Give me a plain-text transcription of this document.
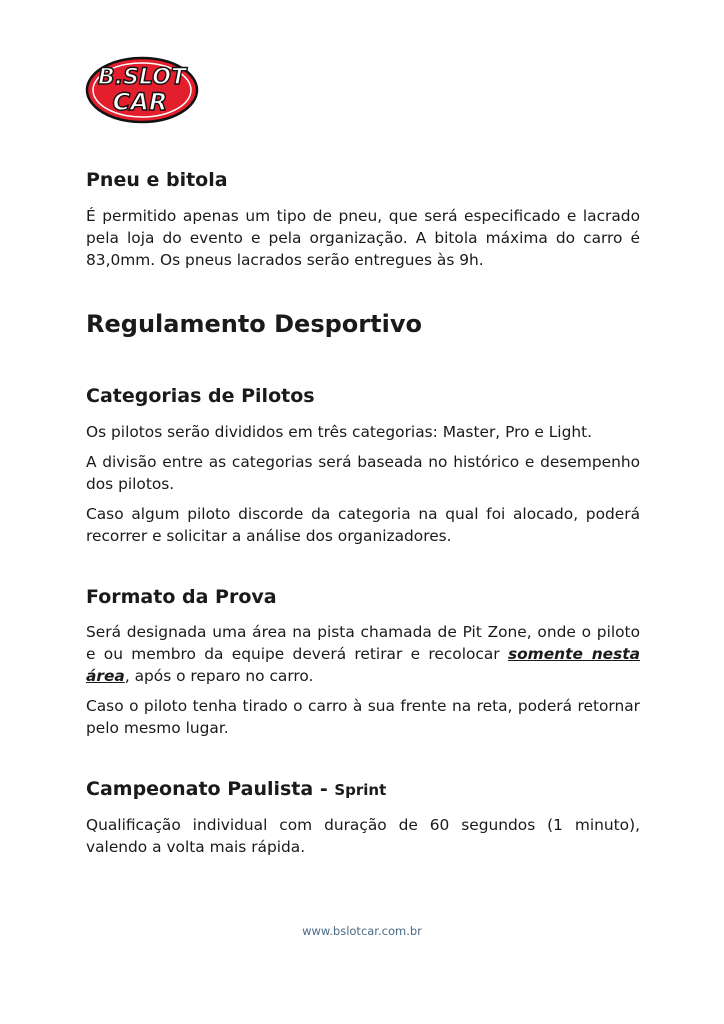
B.SLOT
CAR
Pneu e bitola

É permitido apenas um tipo de pneu, que será especificado e lacrado pela loja do evento e pela organização. A bitola máxima do carro é 83,0mm. Os pneus lacrados serão entregues às 9h.

Regulamento Desportivo
Categorias de Pilotos

Os pilotos serão divididos em três categorias: Master, Pro e Light.

A divisão entre as categorias será baseada no histórico e desempenho dos pilotos.

Caso algum piloto discorde da categoria na qual foi alocado, poderá recorrer e solicitar a análise dos organizadores.

Formato da Prova

Será designada uma área na pista chamada de Pit Zone, onde o piloto e ou membro da equipe deverá retirar e recolocar somente nesta área, após o reparo no carro.

Caso o piloto tenha tirado o carro à sua frente na reta, poderá retornar pelo mesmo lugar.

Campeonato Paulista - Sprint

Qualificação individual com duração de 60 segundos (1 minuto), valendo a volta mais rápida.

www.bslotcar.com.br
